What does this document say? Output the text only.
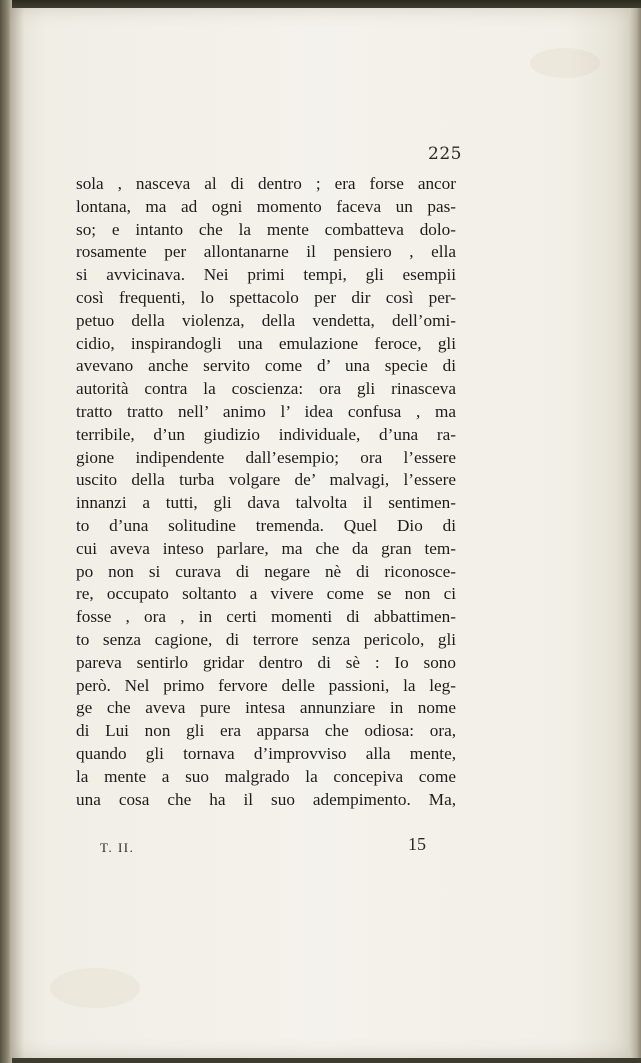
225
sola , nasceva al di dentro ; era forse ancor
lontana, ma ad ogni momento faceva un pas-
so; e intanto che la mente combatteva dolo-
rosamente per allontanarne il pensiero , ella
si avvicinava. Nei primi tempi, gli esempii
così frequenti, lo spettacolo per dir così per-
petuo della violenza, della vendetta, dell’omi-
cidio, inspirandogli una emulazione feroce, gli
avevano anche servito come d’ una specie di
autorità contra la coscienza: ora gli rinasceva
tratto tratto nell’ animo l’ idea confusa , ma
terribile, d’un giudizio individuale, d’una ra-
gione indipendente dall’esempio; ora l’essere
uscito della turba volgare de’ malvagi, l’essere
innanzi a tutti, gli dava talvolta il sentimen-
to d’una solitudine tremenda. Quel Dio di
cui aveva inteso parlare, ma che da gran tem-
po non si curava di negare nè di riconosce-
re, occupato soltanto a vivere come se non ci
fosse , ora , in certi momenti di abbattimen-
to senza cagione, di terrore senza pericolo, gli
pareva sentirlo gridar dentro di sè : Io sono
però. Nel primo fervore delle passioni, la leg-
ge che aveva pure intesa annunziare in nome
di Lui non gli era apparsa che odiosa: ora,
quando gli tornava d’improvviso alla mente,
la mente a suo malgrado la concepiva come
una cosa che ha il suo adempimento. Ma,
T. II.	15
